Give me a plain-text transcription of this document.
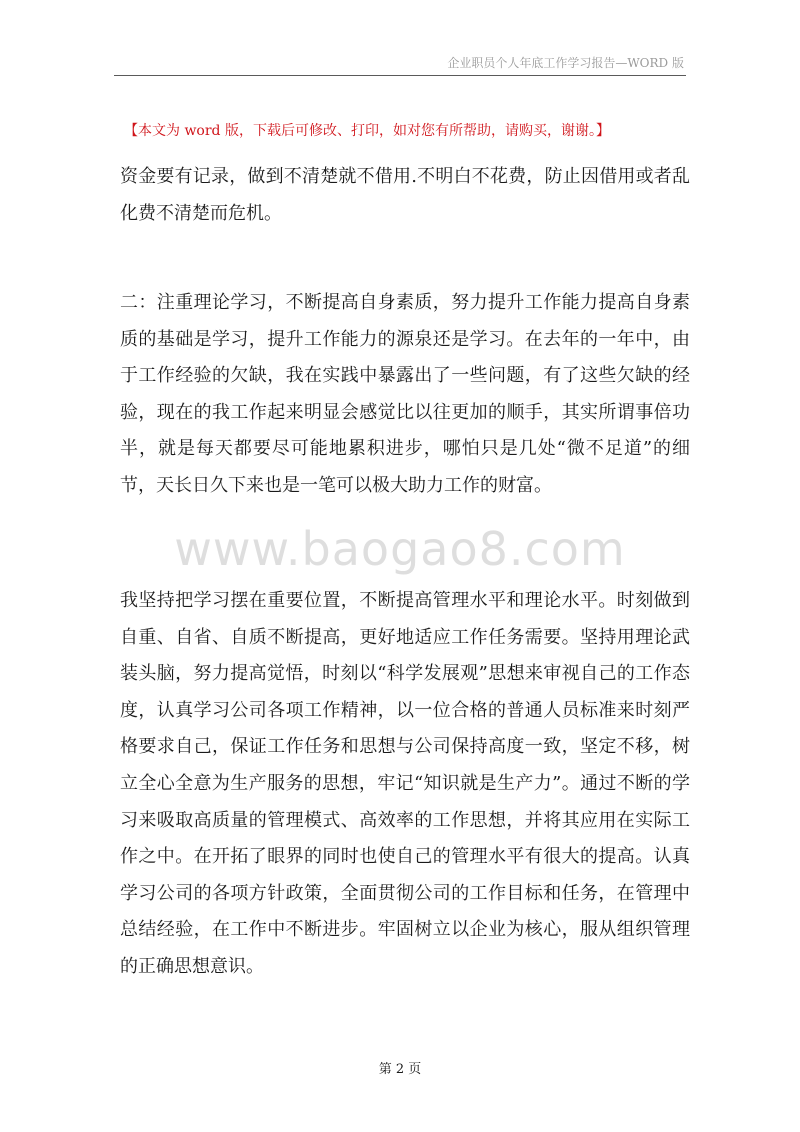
企业职员个人年底工作学习报告—WORD 版
【本文为 word 版，下载后可修改、打印，如对您有所帮助，请购买，谢谢。】

资金要有记录，做到不清楚就不借用.不明白不花费，防止因借用或者乱化费不清楚而危机。

二：注重理论学习，不断提高自身素质，努力提升工作能力提高自身素质的基础是学习，提升工作能力的源泉还是学习。在去年的一年中，由于工作经验的欠缺，我在实践中暴露出了一些问题，有了这些欠缺的经验，现在的我工作起来明显会感觉比以往更加的顺手，其实所谓事倍功半，就是每天都要尽可能地累积进步，哪怕只是几处“微不足道”的细节，天长日久下来也是一笔可以极大助力工作的财富。

www.baogao8.com

我坚持把学习摆在重要位置，不断提高管理水平和理论水平。时刻做到自重、自省、自质不断提高，更好地适应工作任务需要。坚持用理论武装头脑，努力提高觉悟，时刻以“科学发展观”思想来审视自己的工作态度，认真学习公司各项工作精神，以一位合格的普通人员标准来时刻严格要求自己，保证工作任务和思想与公司保持高度一致，坚定不移，树立全心全意为生产服务的思想，牢记“知识就是生产力”。通过不断的学习来吸取高质量的管理模式、高效率的工作思想，并将其应用在实际工作之中。在开拓了眼界的同时也使自己的管理水平有很大的提高。认真学习公司的各项方针政策，全面贯彻公司的工作目标和任务，在管理中总结经验，在工作中不断进步。牢固树立以企业为核心，服从组织管理的正确思想意识。

第 2 页
